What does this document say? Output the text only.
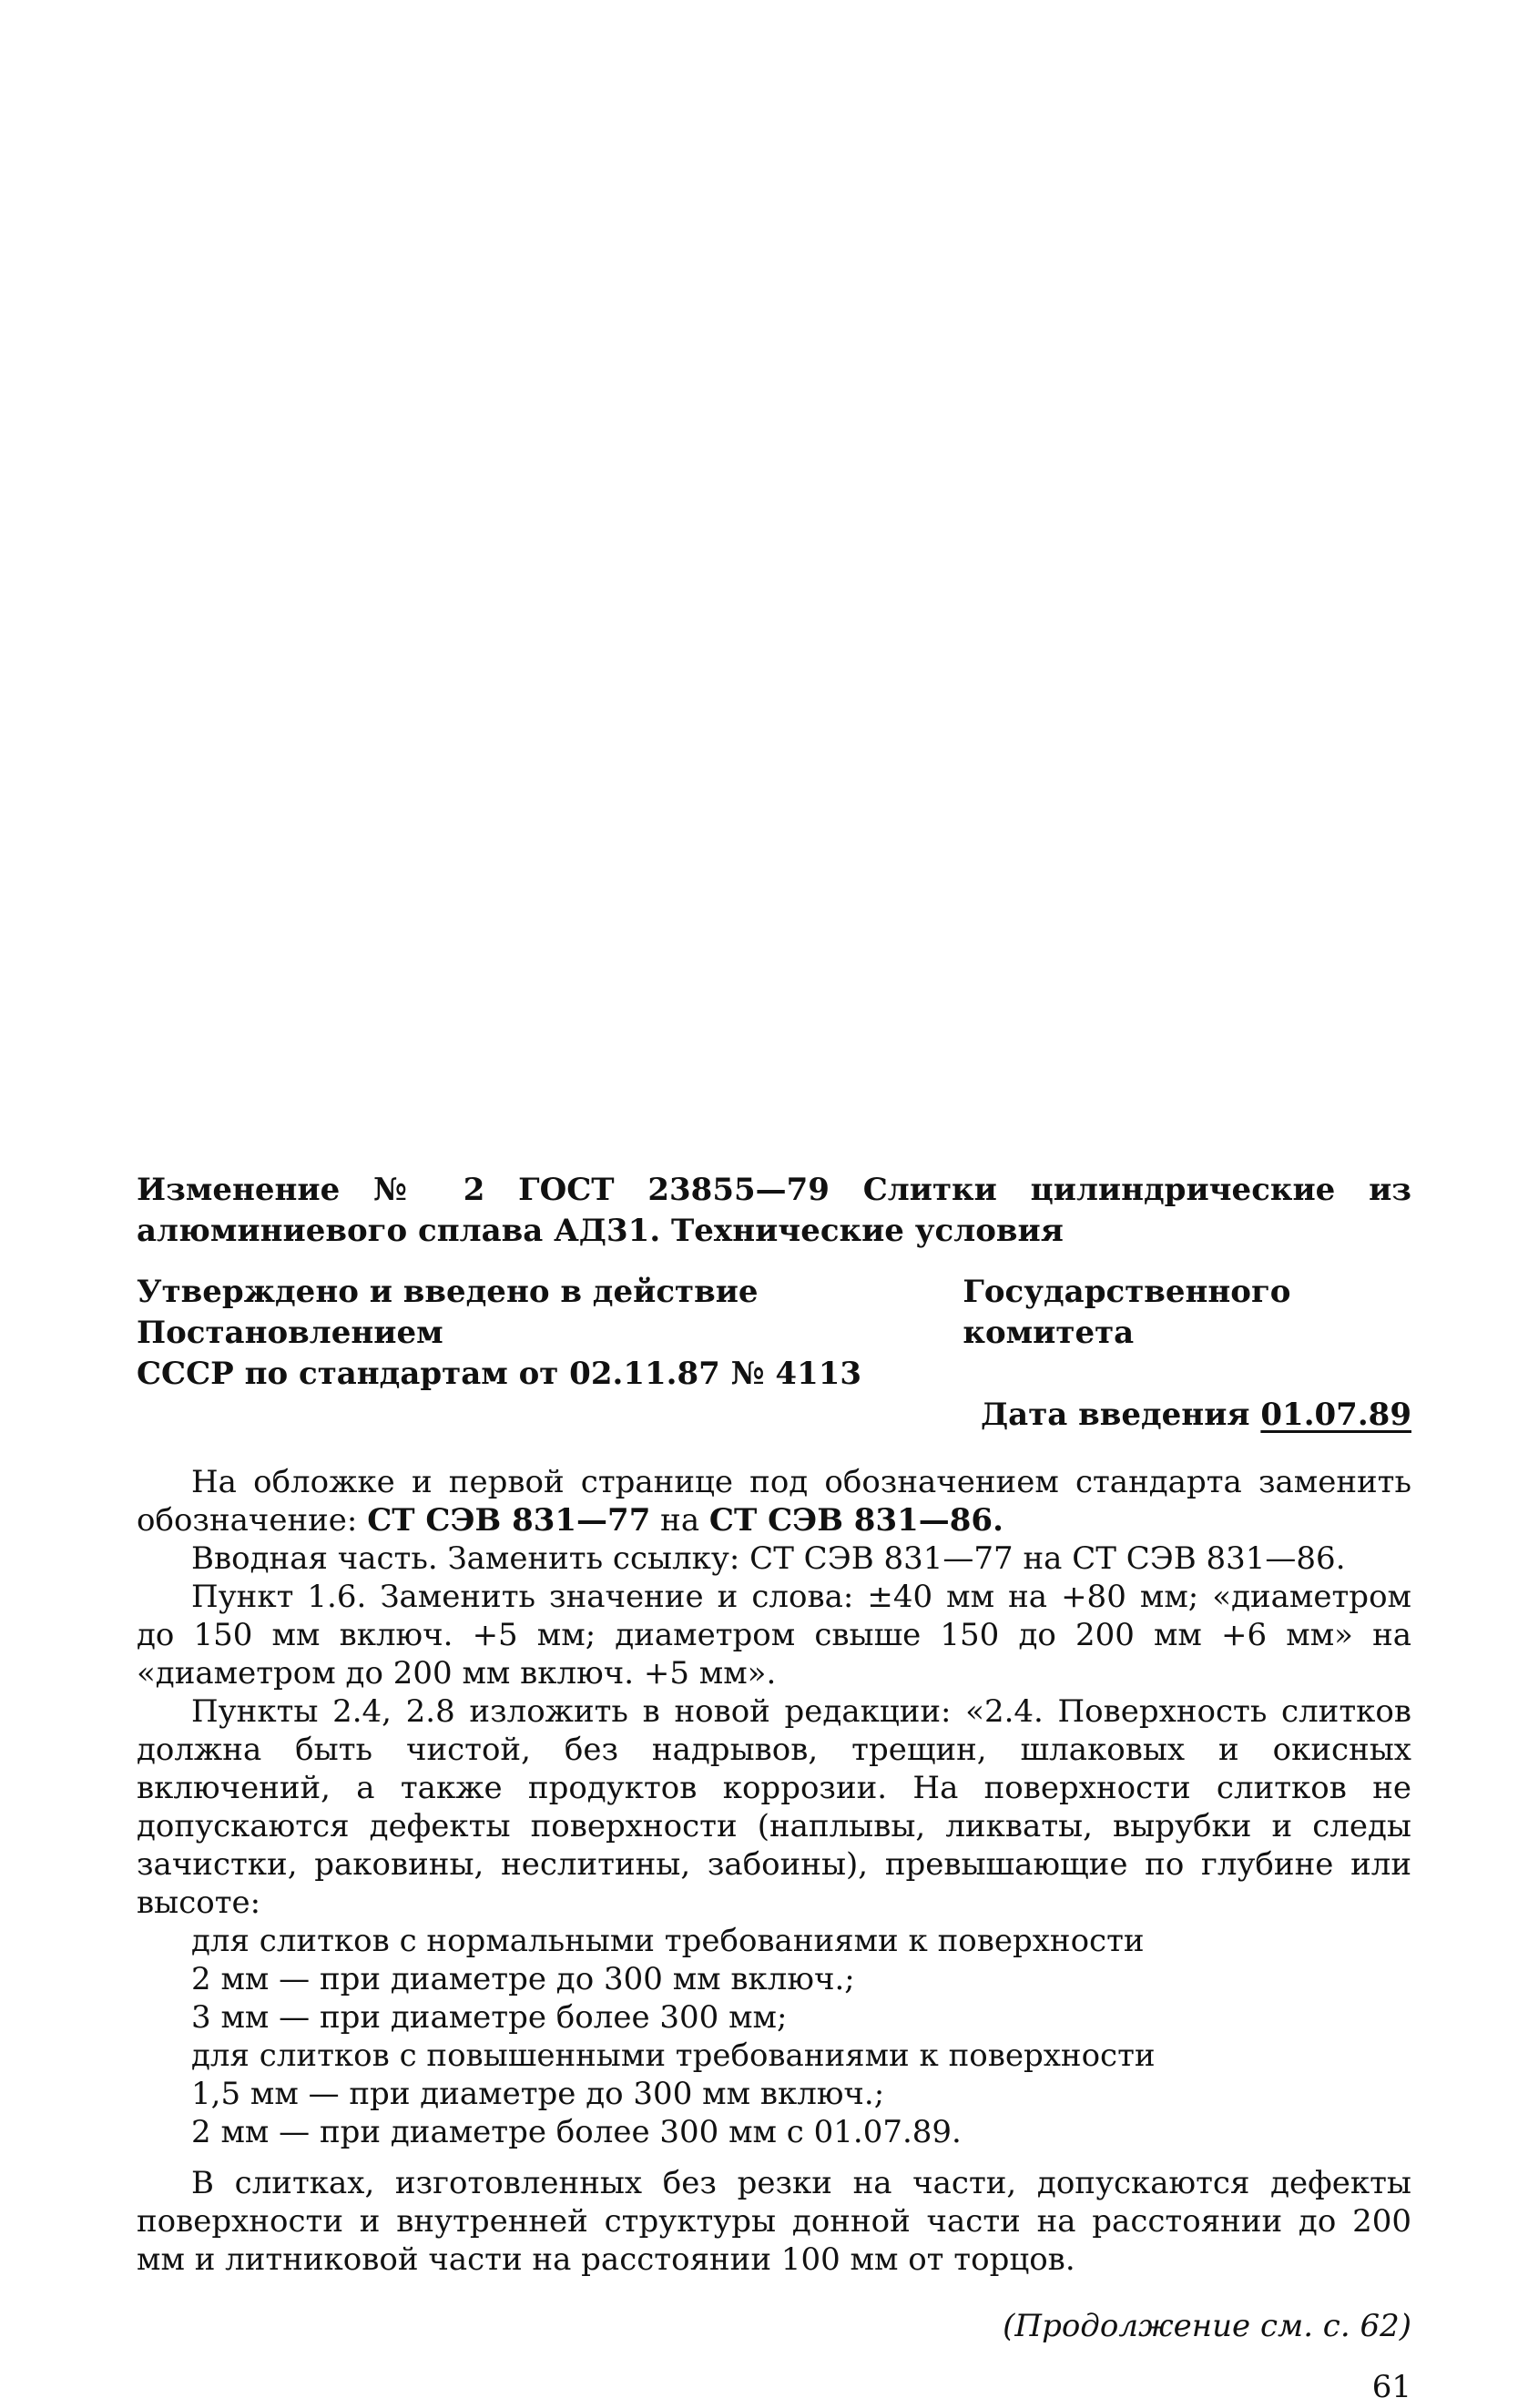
Изменение № 2 ГОСТ 23855—79 Слитки цилиндрические из алюминиевого сплава АД31. Технические условия

Утверждено и введено в действие Постановлением
Государственного комитета
СССР по стандартам от 02.11.87 № 4113

Дата введения 01.07.89

На обложке и первой странице под обозначением стандарта заменить обозначение: СТ СЭВ 831—77 на СТ СЭВ 831—86.

Вводная часть. Заменить ссылку: СТ СЭВ 831—77 на СТ СЭВ 831—86.

Пункт 1.6. Заменить значение и слова: ±40 мм на +80 мм; «диаметром до 150 мм включ. +5 мм; диаметром свыше 150 до 200 мм +6 мм» на «диаметром до 200 мм включ. +5 мм».

Пункты 2.4, 2.8 изложить в новой редакции: «2.4. Поверхность слитков должна быть чистой, без надрывов, трещин, шлаковых и окисных включений, а также продуктов коррозии. На поверхности слитков не допускаются дефекты поверхности (наплывы, ликваты, вырубки и следы зачистки, раковины, неслитины, забоины), превышающие по глубине или высоте:

для слитков с нормальными требованиями к поверхности

2 мм — при диаметре до 300 мм включ.;

3 мм — при диаметре более 300 мм;

для слитков с повышенными требованиями к поверхности

1,5 мм — при диаметре до 300 мм включ.;

2 мм — при диаметре более 300 мм с 01.07.89.

В слитках, изготовленных без резки на части, допускаются дефекты поверхности и внутренней структуры донной части на расстоянии до 200 мм и литниковой части на расстоянии 100 мм от торцов.

(Продолжение см. с. 62)

61
